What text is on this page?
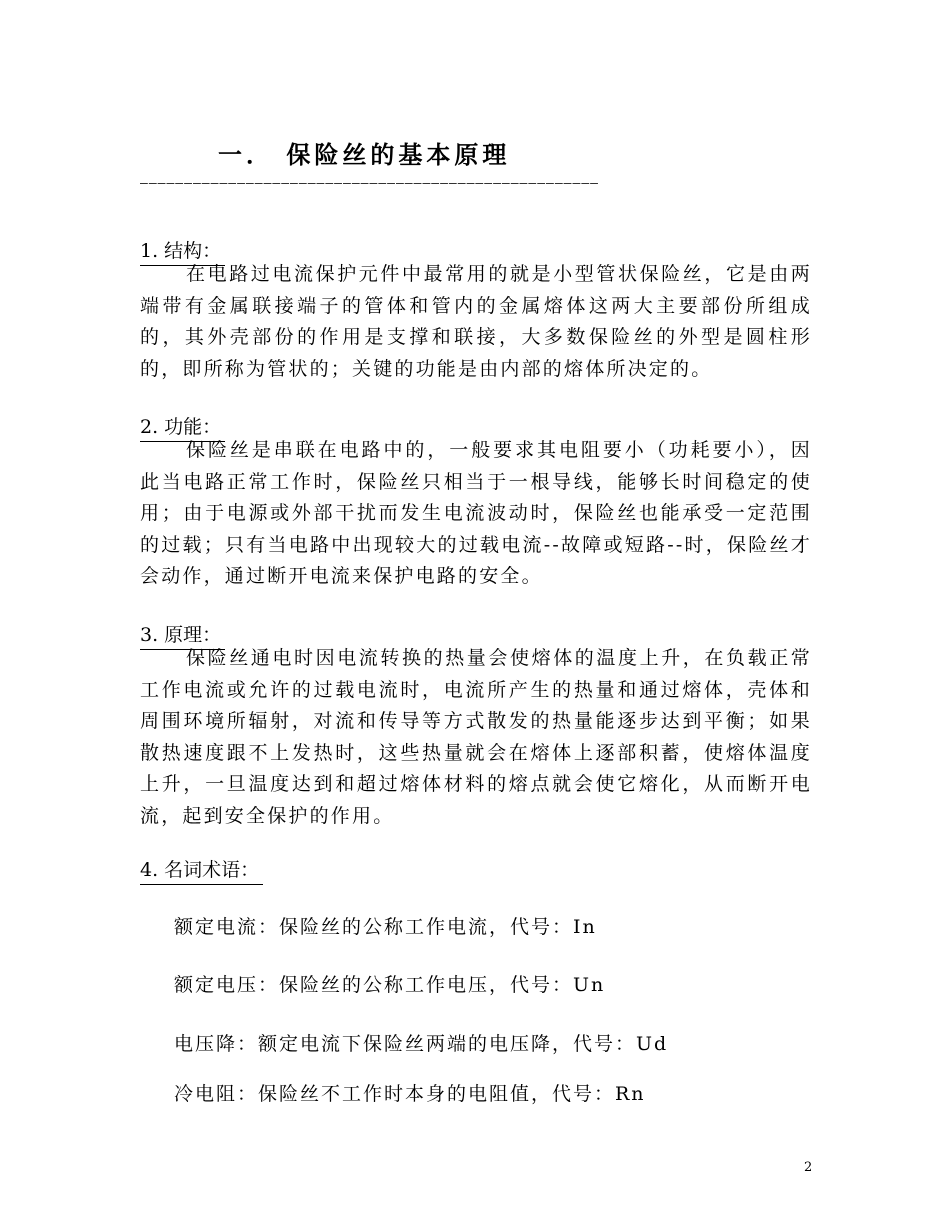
一． 保险丝的基本原理
————————————————————————————————————————————————————
1. 结构：

在电路过电流保护元件中最常用的就是小型管状保险丝，它是由两端带有金属联接端子的管体和管内的金属熔体这两大主要部份所组成的，其外壳部份的作用是支撑和联接，大多数保险丝的外型是圆柱形的，即所称为管状的；关键的功能是由内部的熔体所决定的。

2. 功能：

保险丝是串联在电路中的，一般要求其电阻要小（功耗要小），因此当电路正常工作时，保险丝只相当于一根导线，能够长时间稳定的使用；由于电源或外部干扰而发生电流波动时，保险丝也能承受一定范围的过载；只有当电路中出现较大的过载电流--故障或短路--时，保险丝才会动作，通过断开电流来保护电路的安全。

3. 原理：

保险丝通电时因电流转换的热量会使熔体的温度上升，在负载正常工作电流或允许的过载电流时，电流所产生的热量和通过熔体，壳体和周围环境所辐射，对流和传导等方式散发的热量能逐步达到平衡；如果散热速度跟不上发热时，这些热量就会在熔体上逐部积蓄，使熔体温度上升，一旦温度达到和超过熔体材料的熔点就会使它熔化，从而断开电流，起到安全保护的作用。

4. 名词术语：
额定电流：保险丝的公称工作电流，代号：In
额定电压：保险丝的公称工作电压，代号：Un
电压降：额定电流下保险丝两端的电压降，代号：Ud
冷电阻：保险丝不工作时本身的电阻值，代号：Rn
2
